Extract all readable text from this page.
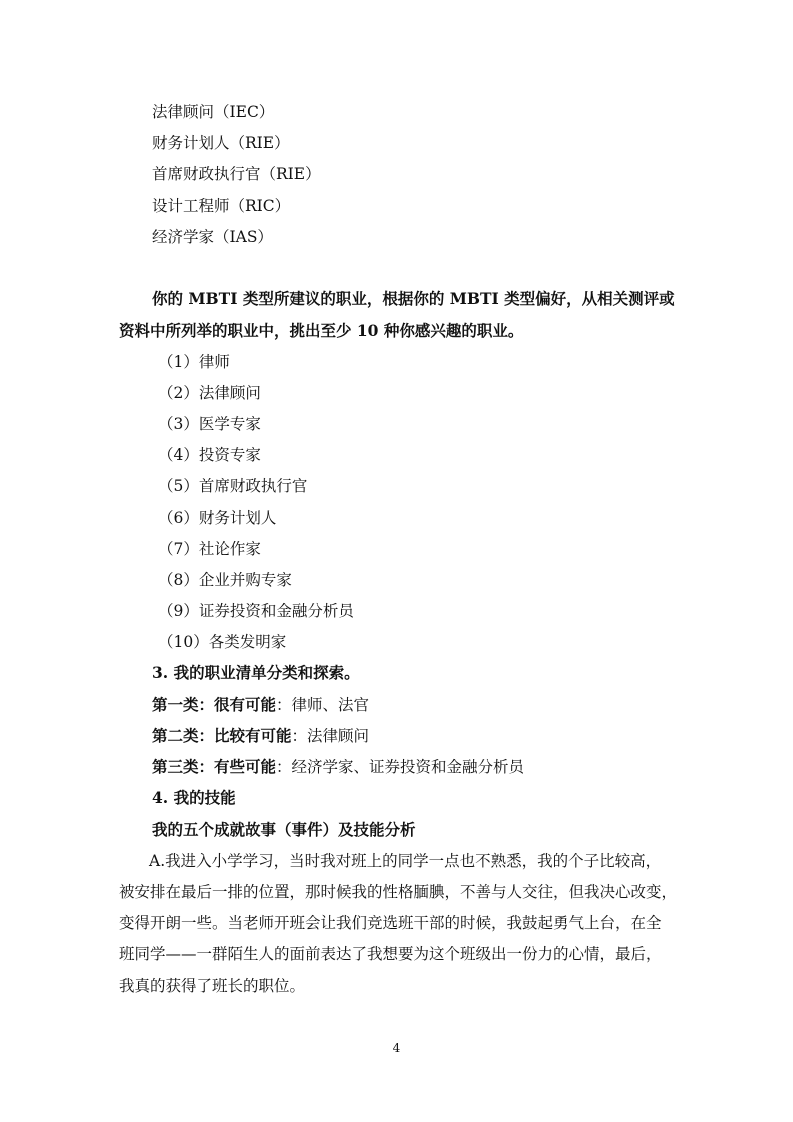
法律顾问（IEC）
财务计划人（RIE）
首席财政执行官（RIE）
设计工程师（RIC）
经济学家（IAS）
你的 MBTI 类型所建议的职业，根据你的 MBTI 类型偏好，从相关测评或
资料中所列举的职业中，挑出至少 10 种你感兴趣的职业。
（1）律师
（2）法律顾问
（3）医学专家
（4）投资专家
（5）首席财政执行官
（6）财务计划人
（7）社论作家
（8）企业并购专家
（9）证券投资和金融分析员
（10）各类发明家
3. 我的职业清单分类和探索。
第一类：很有可能：律师、法官
第二类：比较有可能：法律顾问
第三类：有些可能：经济学家、证券投资和金融分析员
4. 我的技能
我的五个成就故事（事件）及技能分析
A.我进入小学学习，当时我对班上的同学一点也不熟悉，我的个子比较高，
被安排在最后一排的位置，那时候我的性格腼腆，不善与人交往，但我决心改变，
变得开朗一些。当老师开班会让我们竞选班干部的时候，我鼓起勇气上台，在全
班同学——一群陌生人的面前表达了我想要为这个班级出一份力的心情，最后，
我真的获得了班长的职位。
4
